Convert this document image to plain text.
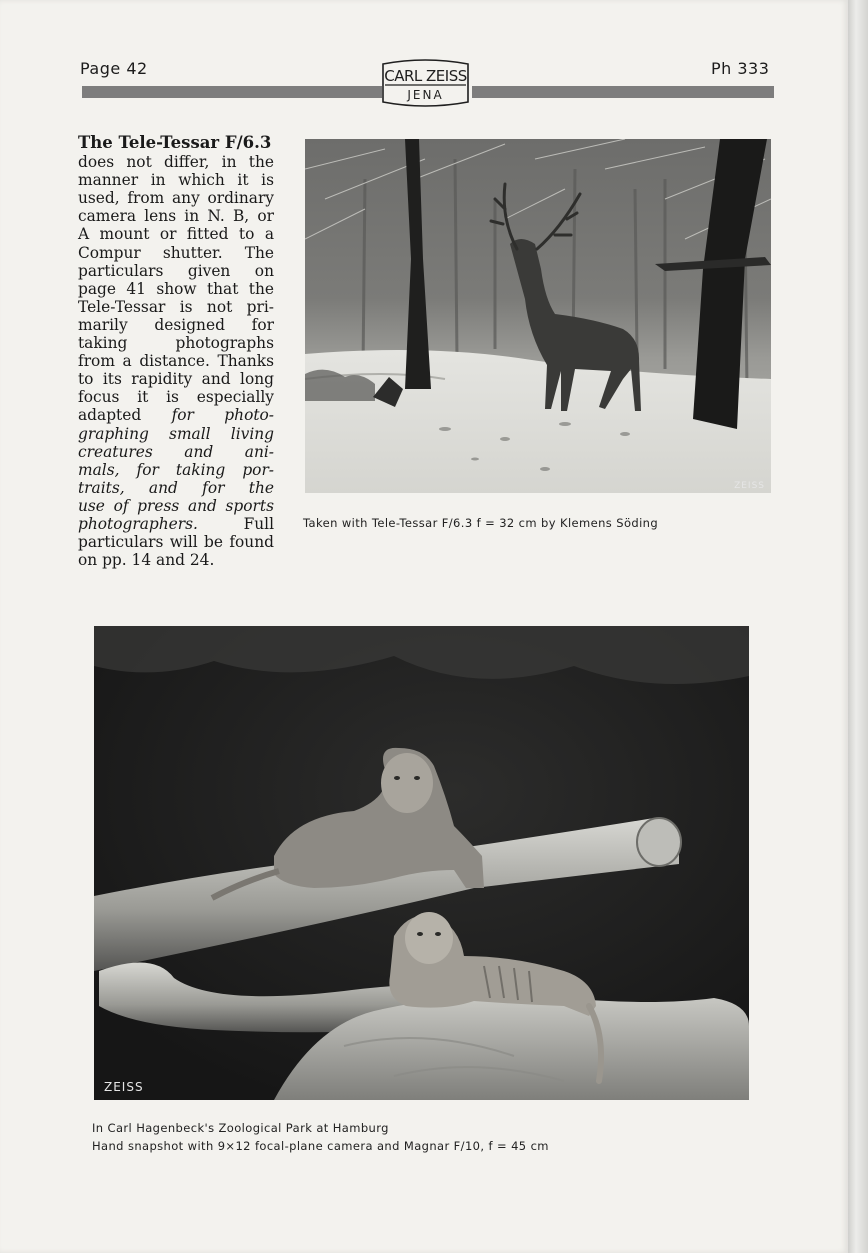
Page 42	Ph 333
CARL ZEISS
JENA
The Tele-Tessar F/6.3
does not differ, in the
manner in which it is
used, from any ordinary
camera lens in N. B, or
A mount or fitted to a
Compur shutter. The
particulars given on
page 41 show that the
Tele-Tessar is not pri-
marily designed for
taking photographs
from a distance. Thanks
to its rapidity and long
focus it is especially
adapted for photo-
graphing small living
creatures and ani-
mals, for taking por-
traits, and for the
use of press and sports
photographers. Full
particulars will be found
on pp. 14 and 24.
ZEISS
Taken with Tele-Tessar F/6.3 f = 32 cm by Klemens Söding
ZEISS
In Carl Hagenbeck's Zoological Park at Hamburg
Hand snapshot with 9×12 focal-plane camera and Magnar F/10, f = 45 cm
